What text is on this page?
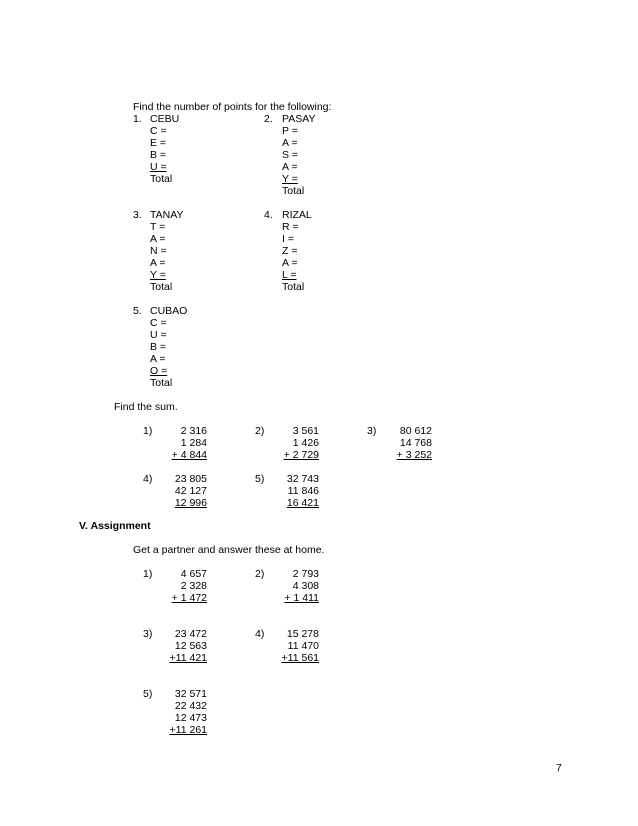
Find the number of points for the following:
1. CEBU
C =
E =
B =
U =
Total
2. PASAY
P =
A =
S =
A =
Y =
Total
3. TANAY
T =
A =
N =
A =
Y =
Total
4. RIZAL
R =
I =
Z =
A =
L =
Total
5. CUBAO
C =
U =
B =
A =
O =
Total
Find the sum.
1)	2 316
1 284
+ 4 844
2)	3 561
1 426
+ 2 729
3)	80 612
14 768
+ 3 252
4)	23 805
42 127
12 996
5)	32 743
11 846
16 421
V. Assignment
Get a partner and answer these at home.
1)	4 657
2 328
+ 1 472
2)	2 793
4 308
+ 1 411
3)	23 472
12 563
+11 421
4)	15 278
11 470
+11 561
5)	32 571
22 432
12 473
+11 261
7
